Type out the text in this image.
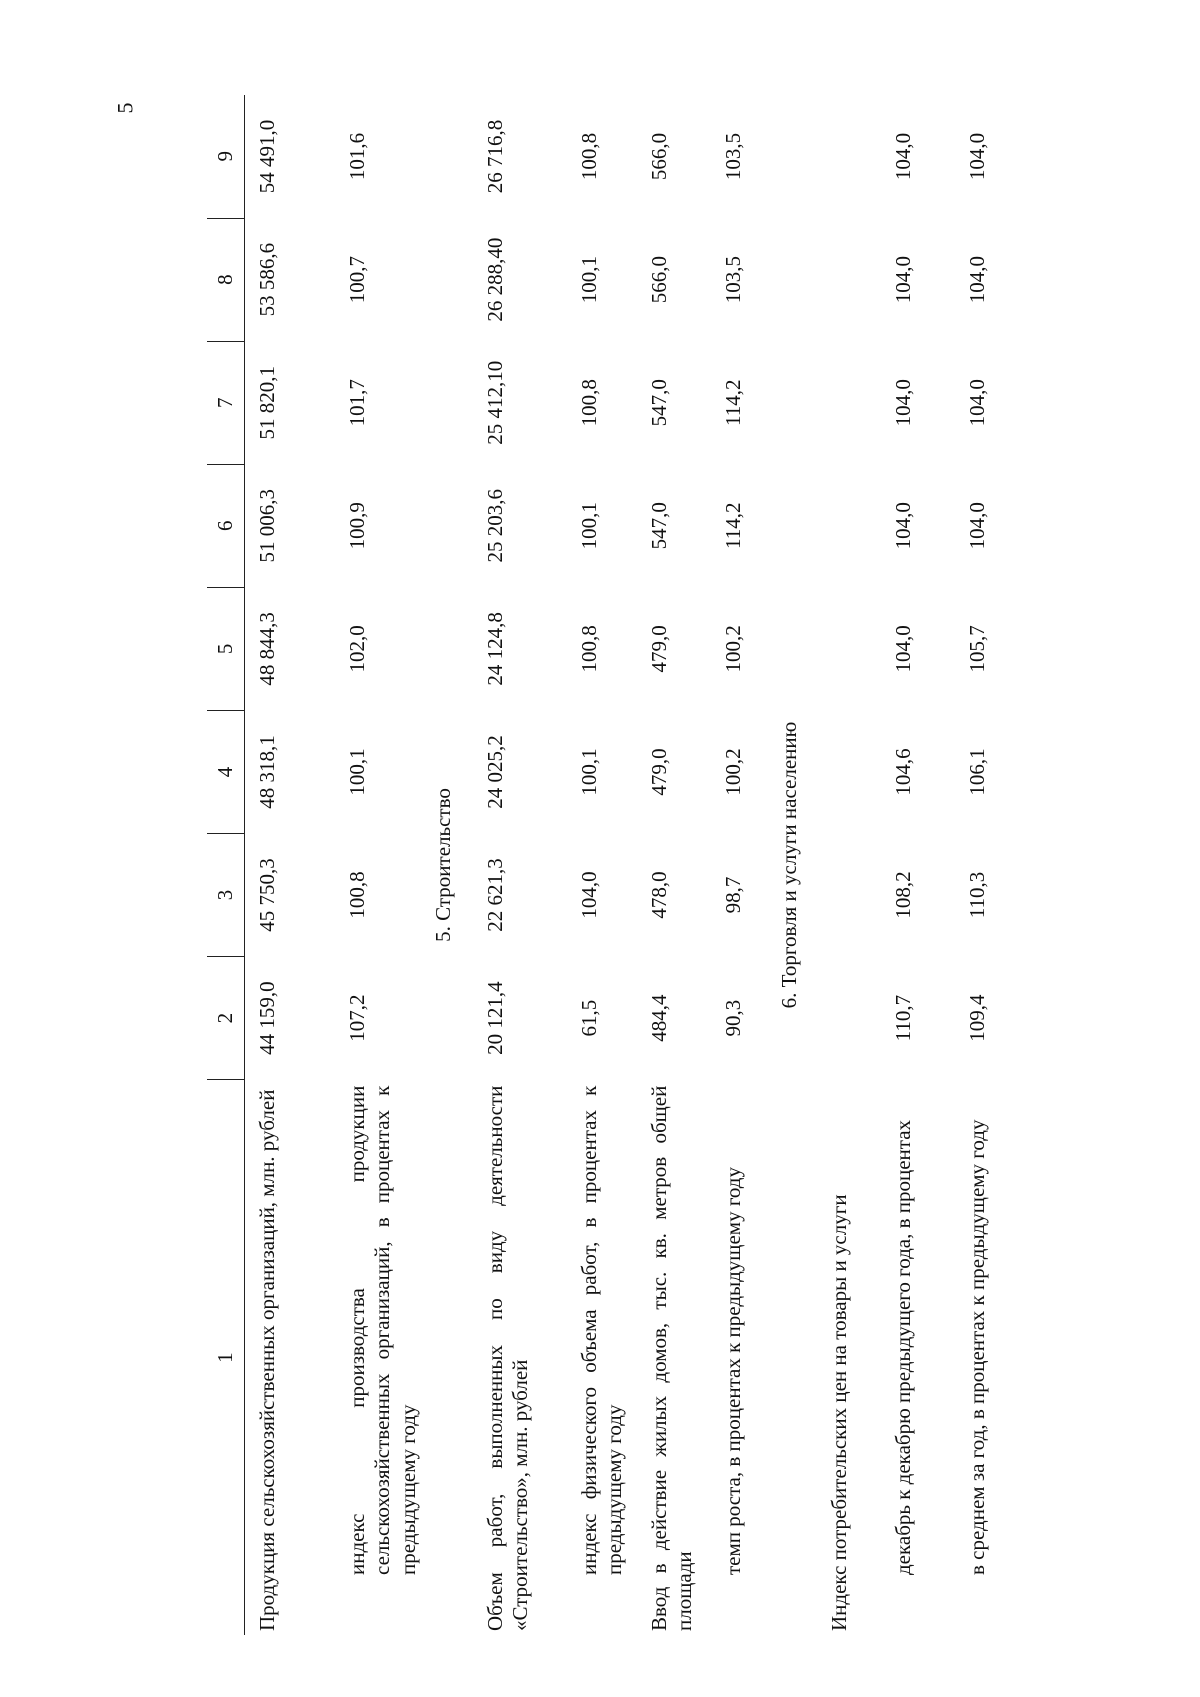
5
1	2	3	4	5	6	7	8	9
Продукция сельскохозяйственных организаций, млн. рублей	44 159,0	45 750,3	48 318,1	48 844,3	51 006,3	51 820,1	53 586,6	54 491,0
индекс производства продукции сельскохозяйственных организаций, в процентах к предыдущему году	107,2	100,8	100,1	102,0	100,9	101,7	100,7	101,6
5. Строительство								
Объем работ, выполненных по виду деятельности «Строительство», млн. рублей	20 121,4	22 621,3	24 025,2	24 124,8	25 203,6	25 412,10	26 288,40	26 716,8
индекс физического объема работ, в процентах к предыдущему году	61,5	104,0	100,1	100,8	100,1	100,8	100,1	100,8
Ввод в действие жилых домов, тыс. кв. метров общей площади	484,4	478,0	479,0	479,0	547,0	547,0	566,0	566,0
темп роста, в процентах к предыдущему году	90,3	98,7	100,2	100,2	114,2	114,2	103,5	103,5
6. Торговля и услуги населению								
Индекс потребительских цен на товары и услуги								
декабрь к декабрю предыдущего года, в процентах	110,7	108,2	104,6	104,0	104,0	104,0	104,0	104,0
в среднем за год, в процентах к предыдущему году	109,4	110,3	106,1	105,7	104,0	104,0	104,0	104,0
